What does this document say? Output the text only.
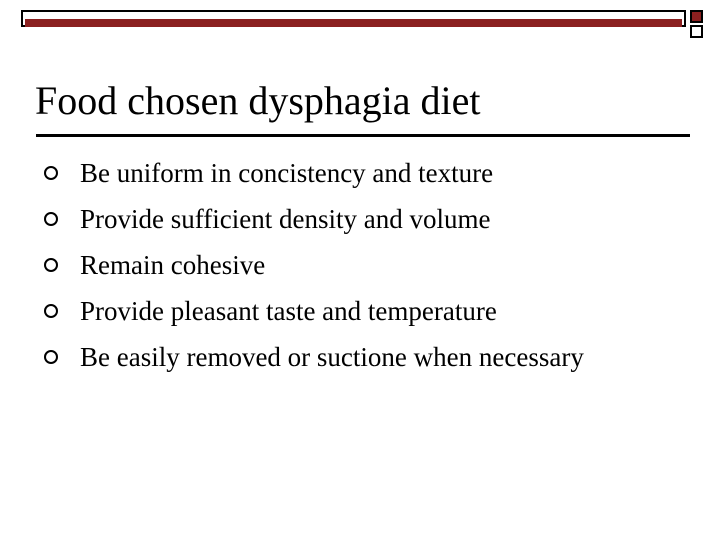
Food chosen dysphagia diet
Be uniform in concistency and texture
Provide sufficient density and volume
Remain cohesive
Provide pleasant taste and temperature
Be easily removed or suctione when necessary
